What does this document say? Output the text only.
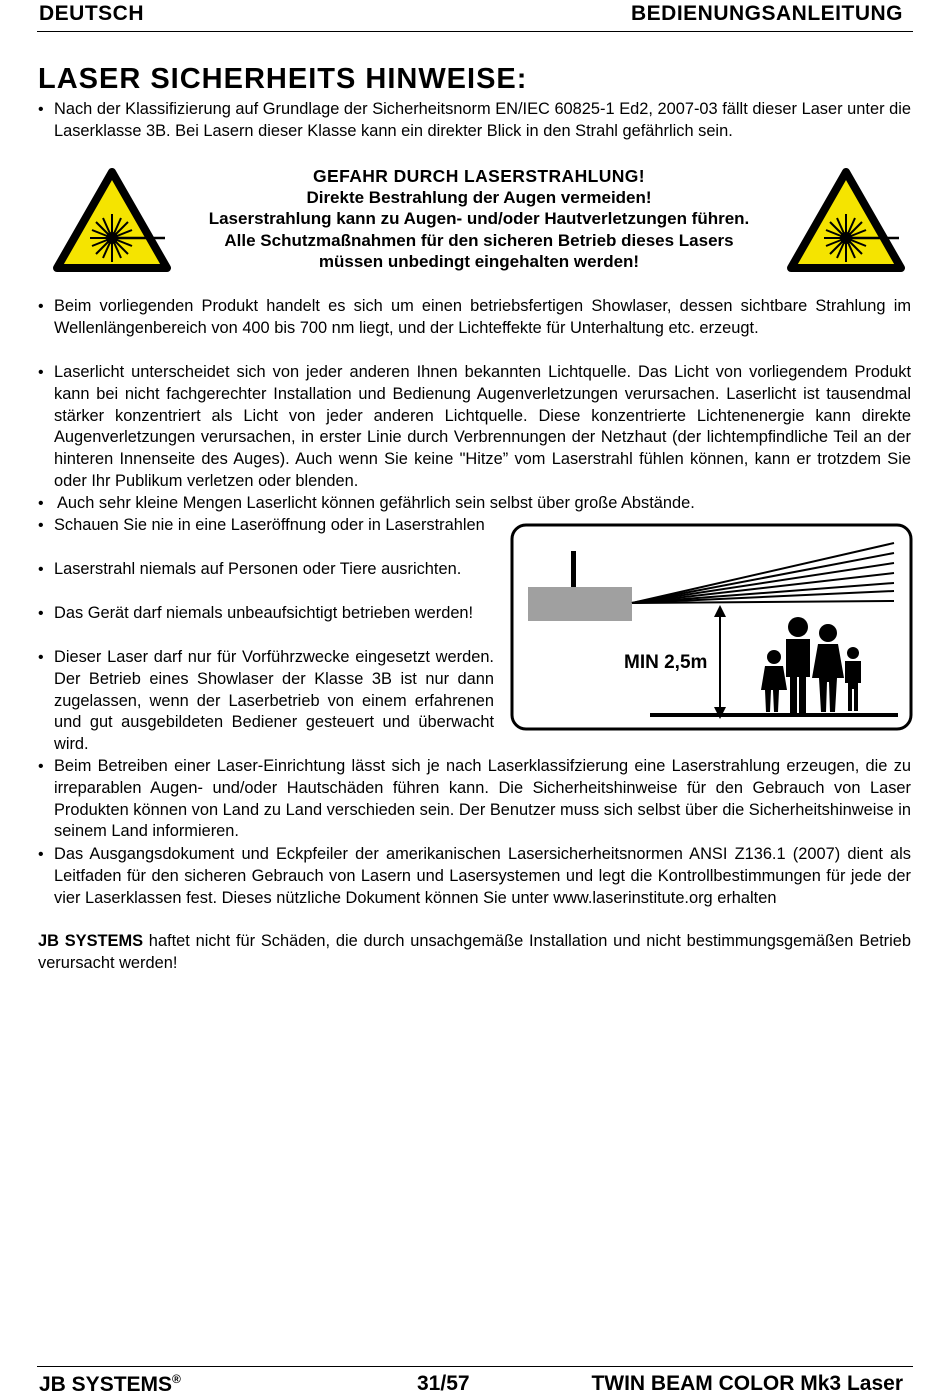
DEUTSCH	BEDIENUNGSANLEITUNG
LASER SICHERHEITS HINWEISE:
• Nach der Klassifizierung auf Grundlage der Sicherheitsnorm EN/IEC 60825-1 Ed2, 2007-03 fällt dieser Laser unter die Laserklasse 3B. Bei Lasern dieser Klasse kann ein direkter Blick in den Strahl gefährlich sein.

GEFAHR DURCH LASERSTRAHLUNG!
Direkte Bestrahlung der Augen vermeiden!
Laserstrahlung kann zu Augen- und/oder Hautverletzungen führen.
Alle Schutzmaßnahmen für den sicheren Betrieb dieses Lasers
müssen unbedingt eingehalten werden!
• Beim vorliegenden Produkt handelt es sich um einen betriebsfertigen Showlaser, dessen sichtbare Strahlung im Wellenlängenbereich von 400 bis 700 nm liegt, und der Lichteffekte für Unterhaltung etc. erzeugt.

• Laserlicht unterscheidet sich von jeder anderen Ihnen bekannten Lichtquelle. Das Licht von vorliegendem Produkt kann bei nicht fachgerechter Installation und Bedienung Augenverletzungen verursachen. Laserlicht ist tausendmal stärker konzentriert als Licht von jeder anderen Lichtquelle. Diese konzentrierte Lichtenenergie kann direkte Augenverletzungen verursachen, in erster Linie durch Verbrennungen der Netzhaut (der lichtempfindliche Teil an der hinteren Innenseite des Auges). Auch wenn Sie keine "Hitze” vom Laserstrahl fühlen können, kann er trotzdem Sie oder Ihr Publikum verletzen oder blenden.

• Auch sehr kleine Mengen Laserlicht können gefährlich sein selbst über große Abstände.

• Schauen Sie nie in eine Laseröffnung oder in Laserstrahlen

• Laserstrahl niemals auf Personen oder Tiere ausrichten.

• Das Gerät darf niemals unbeaufsichtigt betrieben werden!

• Dieser Laser darf nur für Vorführzwecke eingesetzt werden. Der Betrieb eines Showlaser der Klasse 3B ist nur dann zugelassen, wenn der Laserbetrieb von einem erfahrenen und gut ausgebildeten Bediener gesteuert und überwacht wird.

MIN 2,5m
• Beim Betreiben einer Laser-Einrichtung lässt sich je nach Laserklassifzierung eine Laserstrahlung erzeugen, die zu irreparablen Augen- und/oder Hautschäden führen kann. Die Sicherheitshinweise für den Gebrauch von Laser Produkten können von Land zu Land verschieden sein. Der Benutzer muss sich selbst über die Sicherheitshinweise in seinem Land informieren.

• Das Ausgangsdokument und Eckpfeiler der amerikanischen Lasersicherheitsnormen ANSI Z136.1 (2007) dient als Leitfaden für den sicheren Gebrauch von Lasern und Lasersystemen und legt die Kontrollbestimmungen für jede der vier Laserklassen fest. Dieses nützliche Dokument können Sie unter www.laserinstitute.org erhalten

JB SYSTEMS haftet nicht für Schäden, die durch unsachgemäße Installation und nicht bestimmungsgemäßen Betrieb verursacht werden!

JB SYSTEMS®	31/57	TWIN BEAM COLOR Mk3 Laser
